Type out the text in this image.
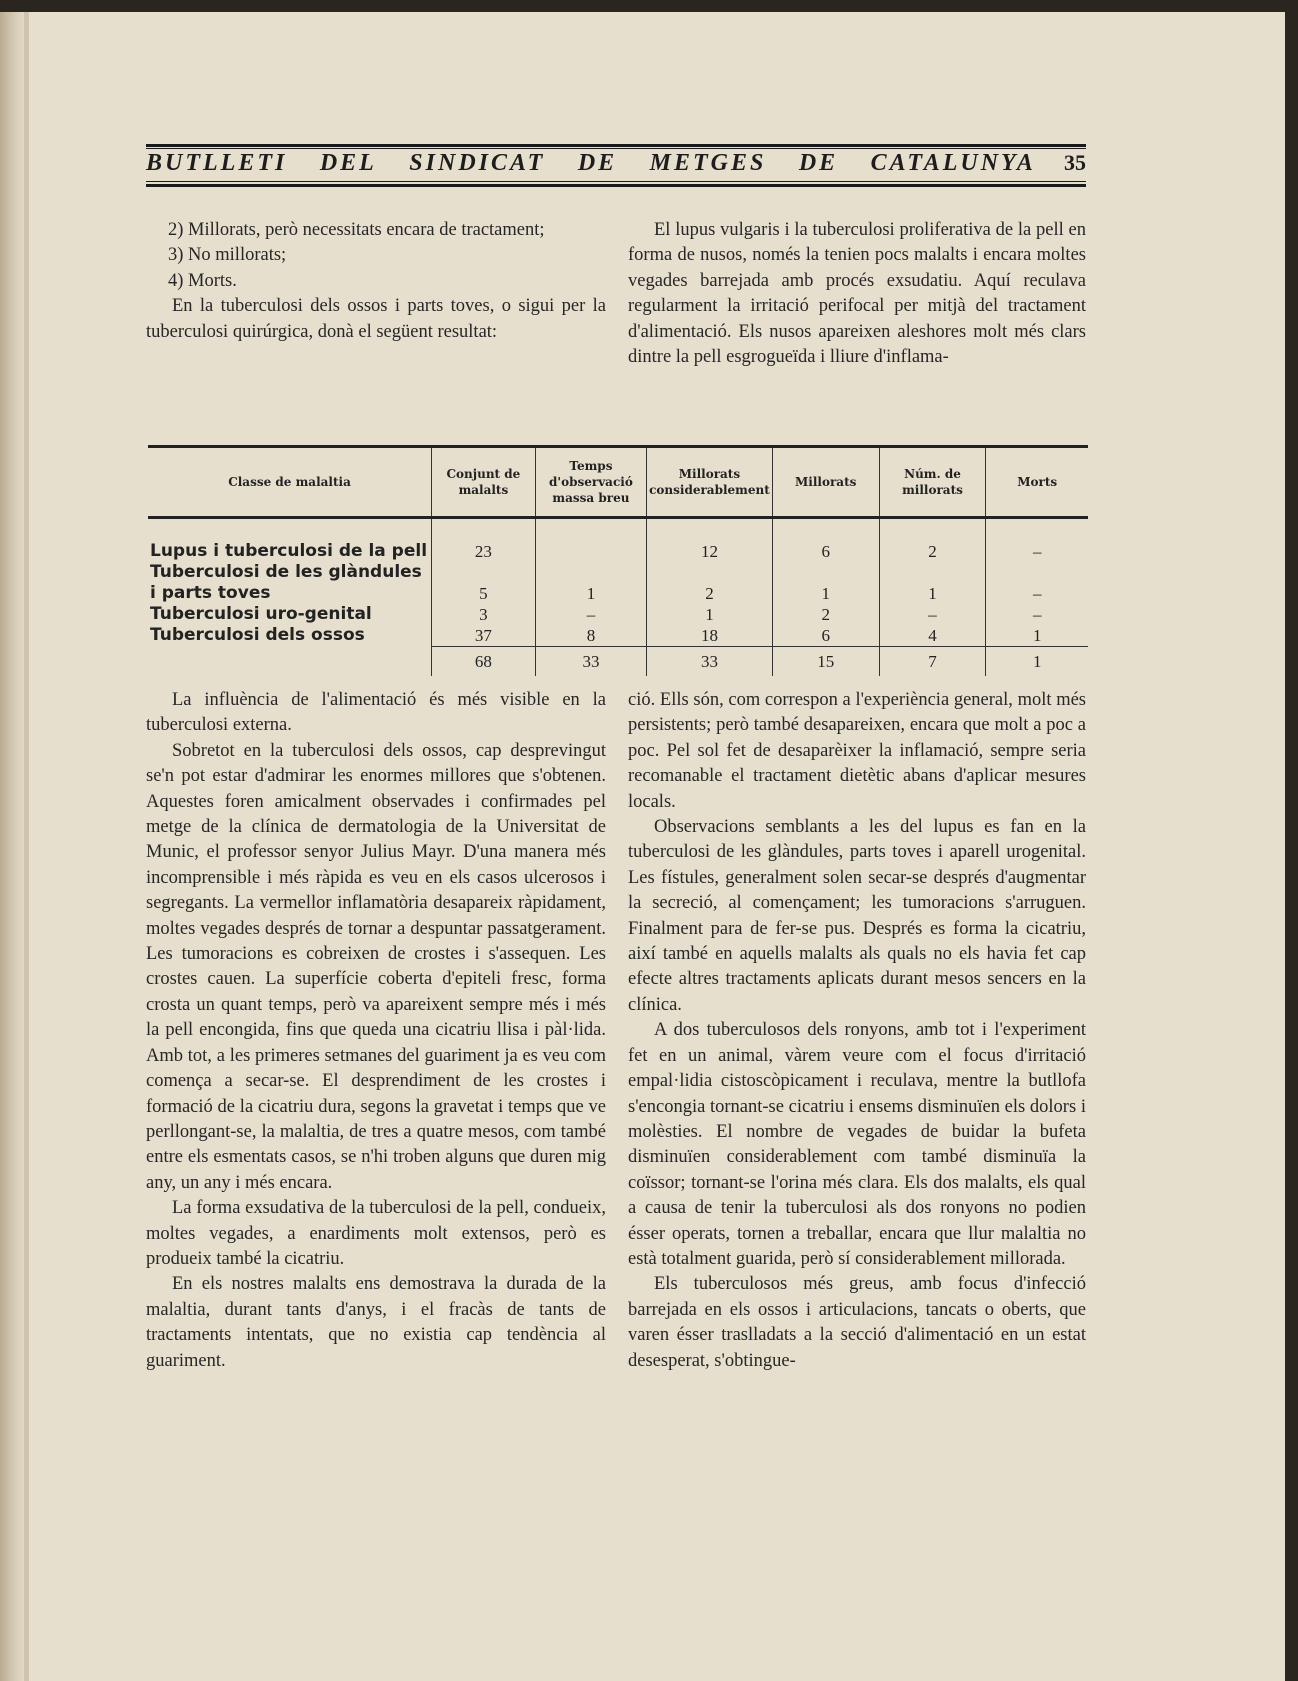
BUTLLETI DEL SINDICAT DE METGES DE CATALUNYA 35

2) Millorats, però necessitats encara de tractament;

3) No millorats;

4) Morts.

En la tuberculosi dels ossos i parts toves, o sigui per la tuberculosi quirúrgica, donà el següent resultat:

El lupus vulgaris i la tuberculosi proliferativa de la pell en forma de nusos, només la tenien pocs malalts i encara moltes vegades barrejada amb procés exsudatiu. Aquí reculava regularment la irritació perifocal per mitjà del tractament d'alimentació. Els nusos apareixen aleshores molt més clars dintre la pell esgrogueïda i lliure d'inflama-

Classe de malaltia	Conjunt de malalts	Temps d'observació massa breu	Millorats considerablement	Millorats	Núm. de millorats	Morts
Lupus i tuberculosi de la pell	23		12	6	2	–
Tuberculosi de les glàndules i parts toves	5	1	2	1	1	–
Tuberculosi uro-genital	3	–	1	2	–	–
Tuberculosi dels ossos	37	8	18	6	4	1
	68	33	33	15	7	1

La influència de l'alimentació és més visible en la tuberculosi externa.

Sobretot en la tuberculosi dels ossos, cap desprevingut se'n pot estar d'admirar les enormes millores que s'obtenen. Aquestes foren amicalment observades i confirmades pel metge de la clínica de dermatologia de la Universitat de Munic, el professor senyor Julius Mayr. D'una manera més incomprensible i més ràpida es veu en els casos ulcerosos i segregants. La vermellor inflamatòria desapareix ràpidament, moltes vegades després de tornar a despuntar passatgerament. Les tumoracions es cobreixen de crostes i s'assequen. Les crostes cauen. La superfície coberta d'epiteli fresc, forma crosta un quant temps, però va apareixent sempre més i més la pell encongida, fins que queda una cicatriu llisa i pàl·lida. Amb tot, a les primeres setmanes del guariment ja es veu com comença a secar-se. El desprendiment de les crostes i formació de la cicatriu dura, segons la gravetat i temps que ve perllongant-se, la malaltia, de tres a quatre mesos, com també entre els esmentats casos, se n'hi troben alguns que duren mig any, un any i més encara.

La forma exsudativa de la tuberculosi de la pell, condueix, moltes vegades, a enardiments molt extensos, però es produeix també la cicatriu.

En els nostres malalts ens demostrava la durada de la malaltia, durant tants d'anys, i el fracàs de tants de tractaments intentats, que no existia cap tendència al guariment.

ció. Ells són, com correspon a l'experiència general, molt més persistents; però també desapareixen, encara que molt a poc a poc. Pel sol fet de desaparèixer la inflamació, sempre seria recomanable el tractament dietètic abans d'aplicar mesures locals.

Observacions semblants a les del lupus es fan en la tuberculosi de les glàndules, parts toves i aparell urogenital. Les fístules, generalment solen secar-se després d'augmentar la secreció, al començament; les tumoracions s'arruguen. Finalment para de fer-se pus. Després es forma la cicatriu, així també en aquells malalts als quals no els havia fet cap efecte altres tractaments aplicats durant mesos sencers en la clínica.

A dos tuberculosos dels ronyons, amb tot i l'experiment fet en un animal, vàrem veure com el focus d'irritació empal·lidia cistoscòpicament i reculava, mentre la butllofa s'encongia tornant-se cicatriu i ensems disminuïen els dolors i molèsties. El nombre de vegades de buidar la bufeta disminuïen considerablement com també disminuïa la coïssor; tornant-se l'orina més clara. Els dos malalts, els qual a causa de tenir la tuberculosi als dos ronyons no podien ésser operats, tornen a treballar, encara que llur malaltia no està totalment guarida, però sí considerablement millorada.

Els tuberculosos més greus, amb focus d'infecció barrejada en els ossos i articulacions, tancats o oberts, que varen ésser traslladats a la secció d'alimentació en un estat desesperat, s'obtingue-
